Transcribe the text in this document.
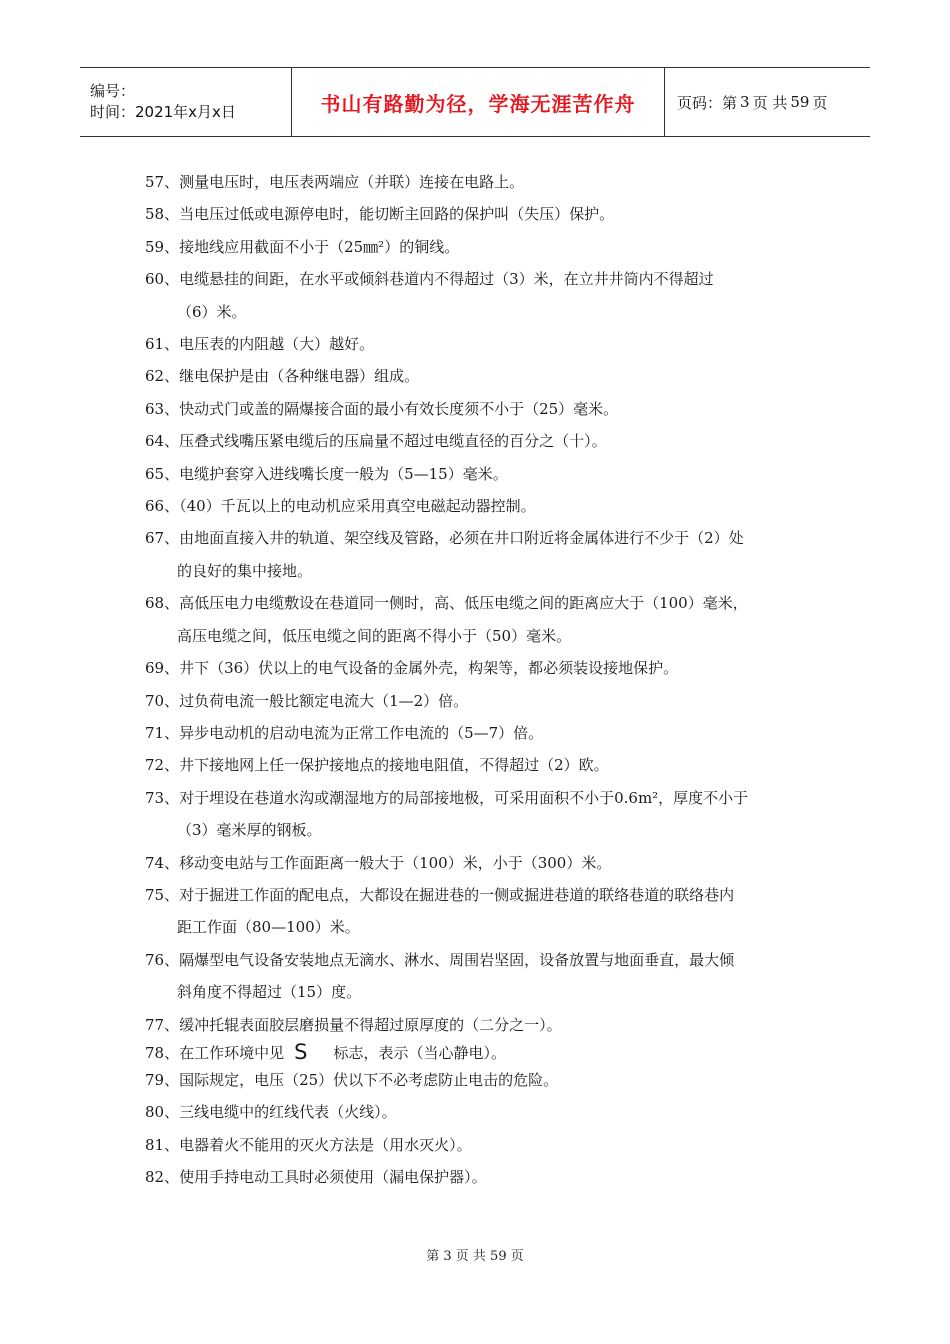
编号：
时间：2021年x月x日	书山有路勤为径，学海无涯苦作舟	页码：第 3 页 共 59 页
57、测量电压时，电压表两端应（并联）连接在电路上。
58、当电压过低或电源停电时，能切断主回路的保护叫（失压）保护。
59、接地线应用截面不小于（25㎜²）的铜线。
60、电缆悬挂的间距，在水平或倾斜巷道内不得超过（3）米，在立井井筒内不得超过
（6）米。
61、电压表的内阻越（大）越好。
62、继电保护是由（各种继电器）组成。
63、快动式门或盖的隔爆接合面的最小有效长度须不小于（25）毫米。
64、压叠式线嘴压紧电缆后的压扁量不超过电缆直径的百分之（十）。
65、电缆护套穿入进线嘴长度一般为（5—15）毫米。
66、（40）千瓦以上的电动机应采用真空电磁起动器控制。
67、由地面直接入井的轨道、架空线及管路，必须在井口附近将金属体进行不少于（2）处
的良好的集中接地。
68、高低压电力电缆敷设在巷道同一侧时，高、低压电缆之间的距离应大于（100）毫米，
高压电缆之间，低压电缆之间的距离不得小于（50）毫米。
69、井下（36）伏以上的电气设备的金属外壳，构架等，都必须装设接地保护。
70、过负荷电流一般比额定电流大（1—2）倍。
71、异步电动机的启动电流为正常工作电流的（5—7）倍。
72、井下接地网上任一保护接地点的接地电阻值，不得超过（2）欧。
73、对于埋设在巷道水沟或潮湿地方的局部接地极，可采用面积不小于0.6m²，厚度不小于
（3）毫米厚的钢板。
74、移动变电站与工作面距离一般大于（100）米，小于（300）米。
75、对于掘进工作面的配电点，大都设在掘进巷的一侧或掘进巷道的联络巷道的联络巷内
距工作面（80—100）米。
76、隔爆型电气设备安装地点无滴水、淋水、周围岩坚固，设备放置与地面垂直，最大倾
斜角度不得超过（15）度。
77、缓冲托辊表面胶层磨损量不得超过原厚度的（二分之一）。
78、在工作环境中见 S 标志，表示（当心静电）。
79、国际规定，电压（25）伏以下不必考虑防止电击的危险。
80、三线电缆中的红线代表（火线）。
81、电器着火不能用的灭火方法是（用水灭火）。
82、使用手持电动工具时必须使用（漏电保护器）。
第 3 页 共 59 页
